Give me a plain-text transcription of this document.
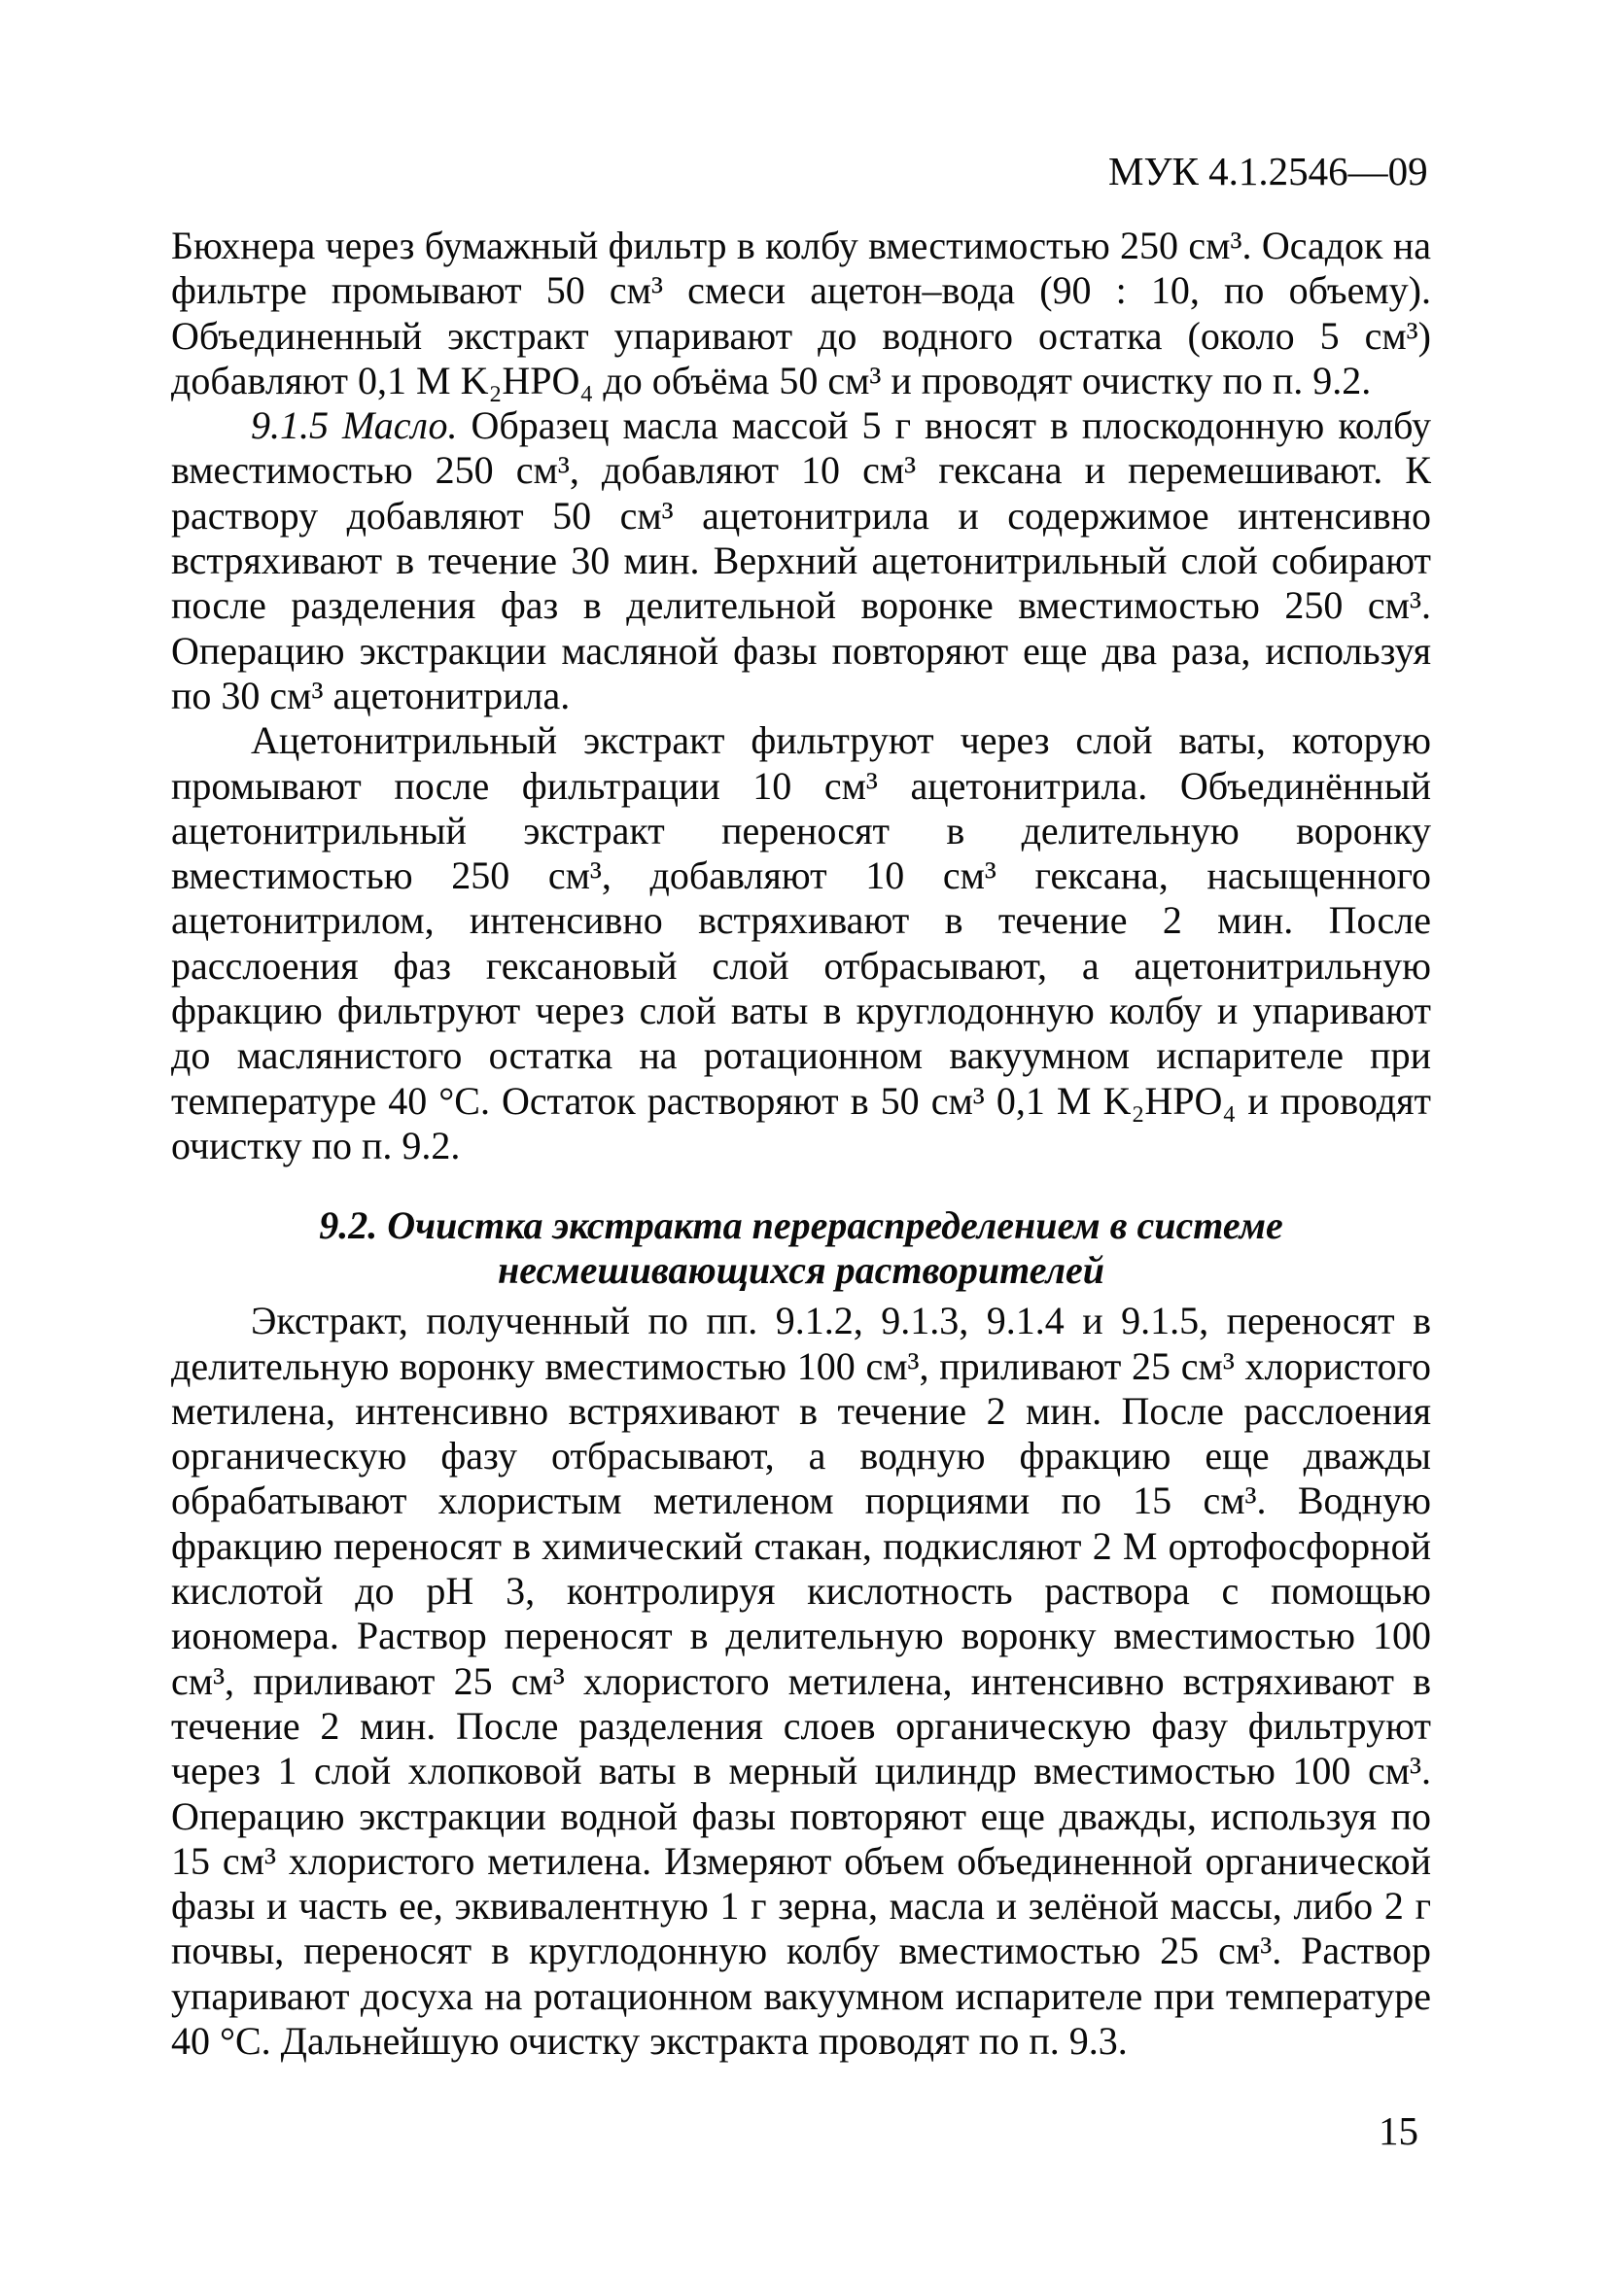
МУК 4.1.2546—09

Бюхнера через бумажный фильтр в колбу вместимостью 250 см³. Осадок на фильтре промывают 50 см³ смеси ацетон–вода (90 : 10, по объему). Объединенный экстракт упаривают до водного остатка (около 5 см³) добавляют 0,1 М K₂HPO₄ до объёма 50 см³ и проводят очистку по п. 9.2.

9.1.5 Масло. Образец масла массой 5 г вносят в плоскодонную колбу вместимостью 250 см³, добавляют 10 см³ гексана и перемешивают. К раствору добавляют 50 см³ ацетонитрила и содержимое интенсивно встряхивают в течение 30 мин. Верхний ацетонитрильный слой собирают после разделения фаз в делительной воронке вместимостью 250 см³. Операцию экстракции масляной фазы повторяют еще два раза, используя по 30 см³ ацетонитрила.

Ацетонитрильный экстракт фильтруют через слой ваты, которую промывают после фильтрации 10 см³ ацетонитрила. Объединённый ацетонитрильный экстракт переносят в делительную воронку вместимостью 250 см³, добавляют 10 см³ гексана, насыщенного ацетонитрилом, интенсивно встряхивают в течение 2 мин. После расслоения фаз гексановый слой отбрасывают, а ацетонитрильную фракцию фильтруют через слой ваты в круглодонную колбу и упаривают до маслянистого остатка на ротационном вакуумном испарителе при температуре 40 °С. Остаток растворяют в 50 см³ 0,1 М K₂HPO₄ и проводят очистку по п. 9.2.

9.2. Очистка экстракта перераспределением в системе
несмешивающихся растворителей

Экстракт, полученный по пп. 9.1.2, 9.1.3, 9.1.4 и 9.1.5, переносят в делительную воронку вместимостью 100 см³, приливают 25 см³ хлористого метилена, интенсивно встряхивают в течение 2 мин. После расслоения органическую фазу отбрасывают, а водную фракцию еще дважды обрабатывают хлористым метиленом порциями по 15 см³. Водную фракцию переносят в химический стакан, подкисляют 2 М ортофосфорной кислотой до pH 3, контролируя кислотность раствора с помощью иономера. Раствор переносят в делительную воронку вместимостью 100 см³, приливают 25 см³ хлористого метилена, интенсивно встряхивают в течение 2 мин. После разделения слоев органическую фазу фильтруют через 1 слой хлопковой ваты в мерный цилиндр вместимостью 100 см³. Операцию экстракции водной фазы повторяют еще дважды, используя по 15 см³ хлористого метилена. Измеряют объем объединенной органической фазы и часть ее, эквивалентную 1 г зерна, масла и зелёной массы, либо 2 г почвы, переносят в круглодонную колбу вместимостью 25 см³. Раствор упаривают досуха на ротационном вакуумном испарителе при температуре 40 °С. Дальнейшую очистку экстракта проводят по п. 9.3.

15
